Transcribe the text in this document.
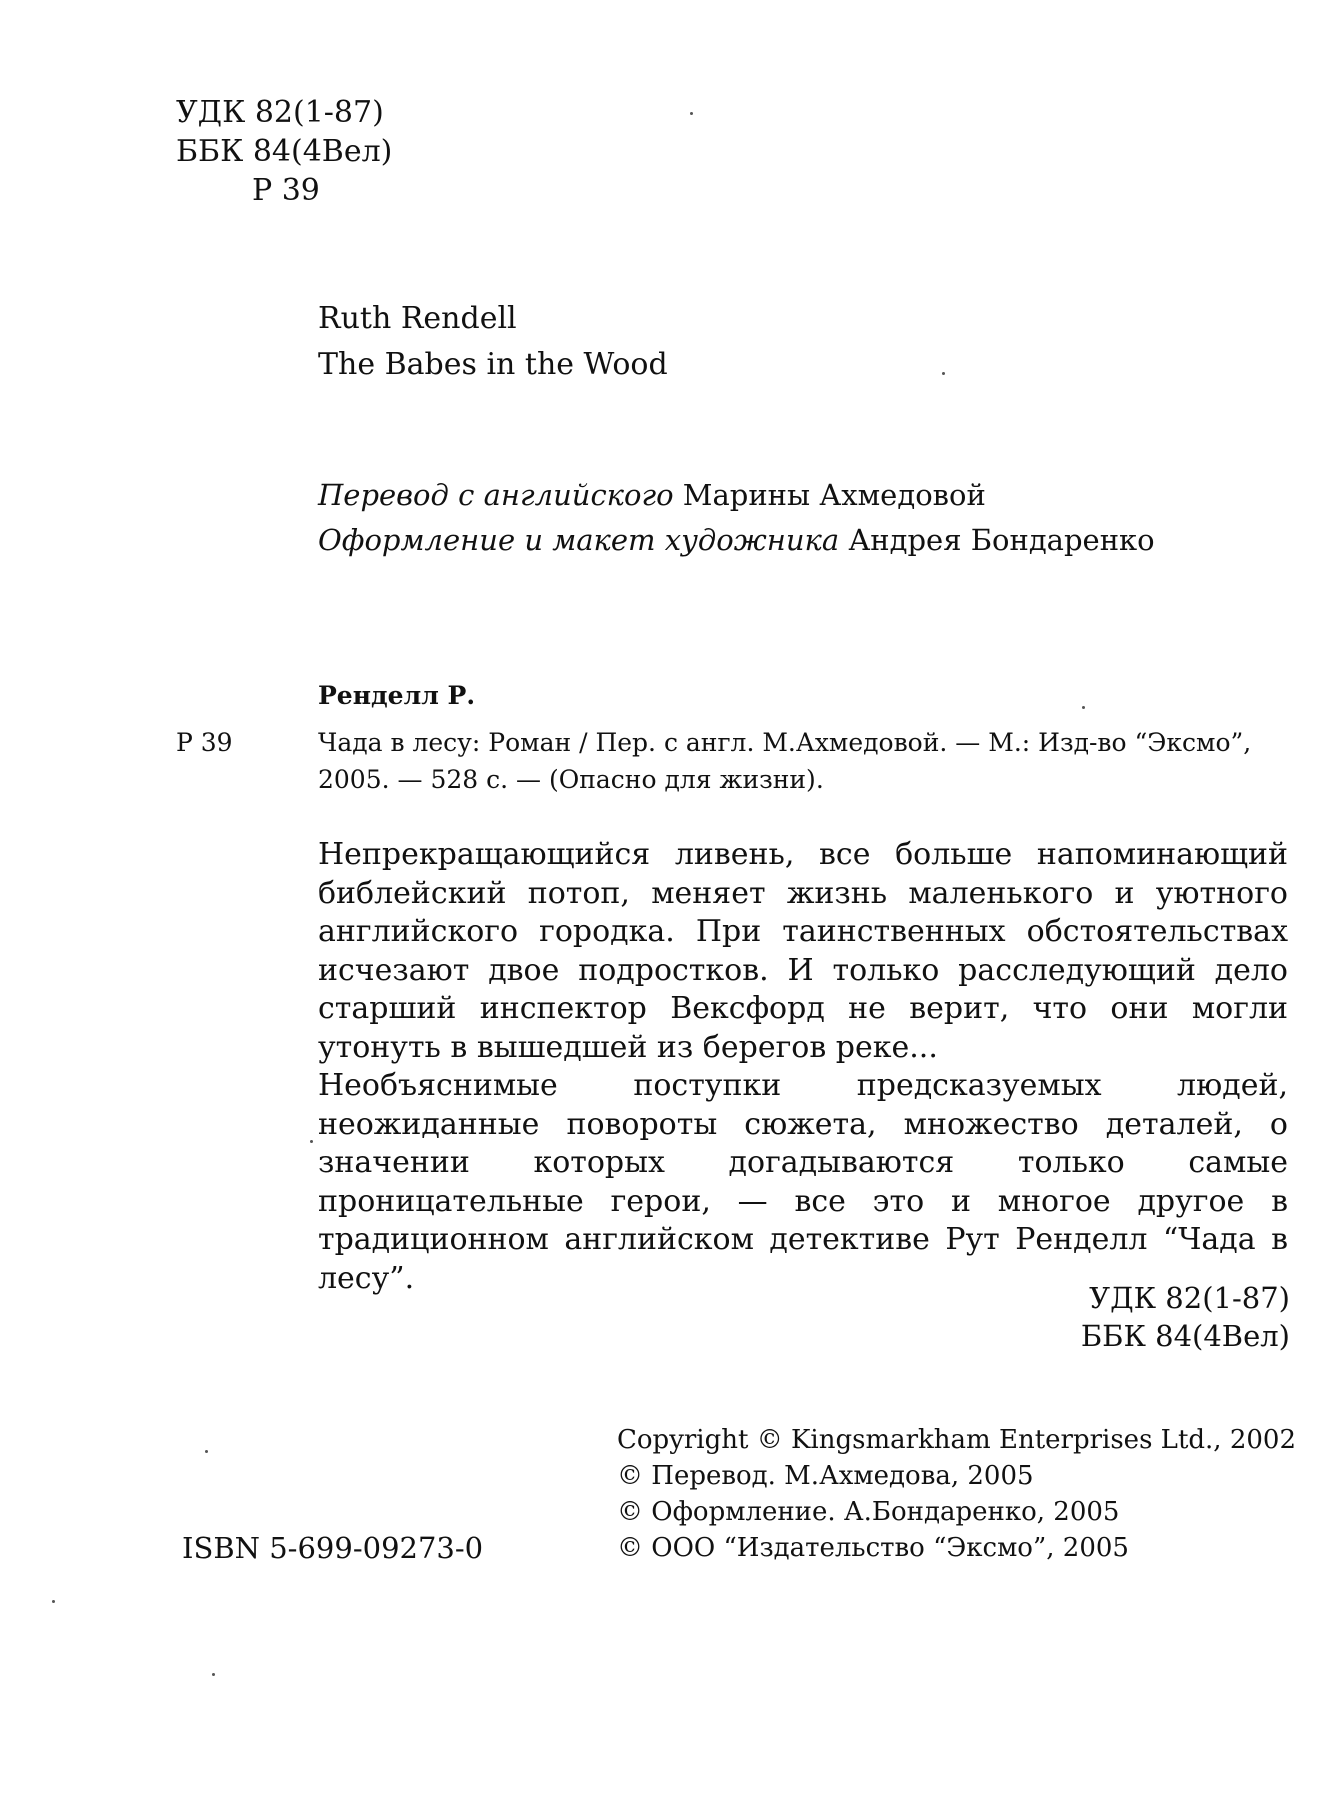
УДК 82(1-87)
ББК 84(4Вел)
Р 39
Ruth Rendell
The Babes in the Wood
Перевод с английского Марины Ахмедовой
Оформление и макет художника Андрея Бондаренко
Ренделл Р.
Р 39	Чада в лесу: Роман / Пер. с англ. М.Ахмедовой. — М.: Изд-во “Эксмо”,
2005. — 528 с. — (Опасно для жизни).

Непрекращающийся ливень, все больше напоминающий библейский потоп, меняет жизнь маленького и уютного английского городка. При таинственных обстоятельствах исчезают двое подростков. И только расследующий дело старший инспектор Вексфорд не верит, что они могли утонуть в вышедшей из берегов реке...

Необъяснимые поступки предсказуемых людей, неожиданные повороты сюжета, множество деталей, о значении которых догадываются только самые проницательные герои, — все это и многое другое в традиционном английском детективе Рут Ренделл “Чада в лесу”.

УДК 82(1-87)
ББК 84(4Вел)
ISBN 5-699-09273-0
Copyright © Kingsmarkham Enterprises Ltd., 2002
© Перевод. М.Ахмедова, 2005
© Оформление. А.Бондаренко, 2005
© ООО “Издательство “Эксмо”, 2005
